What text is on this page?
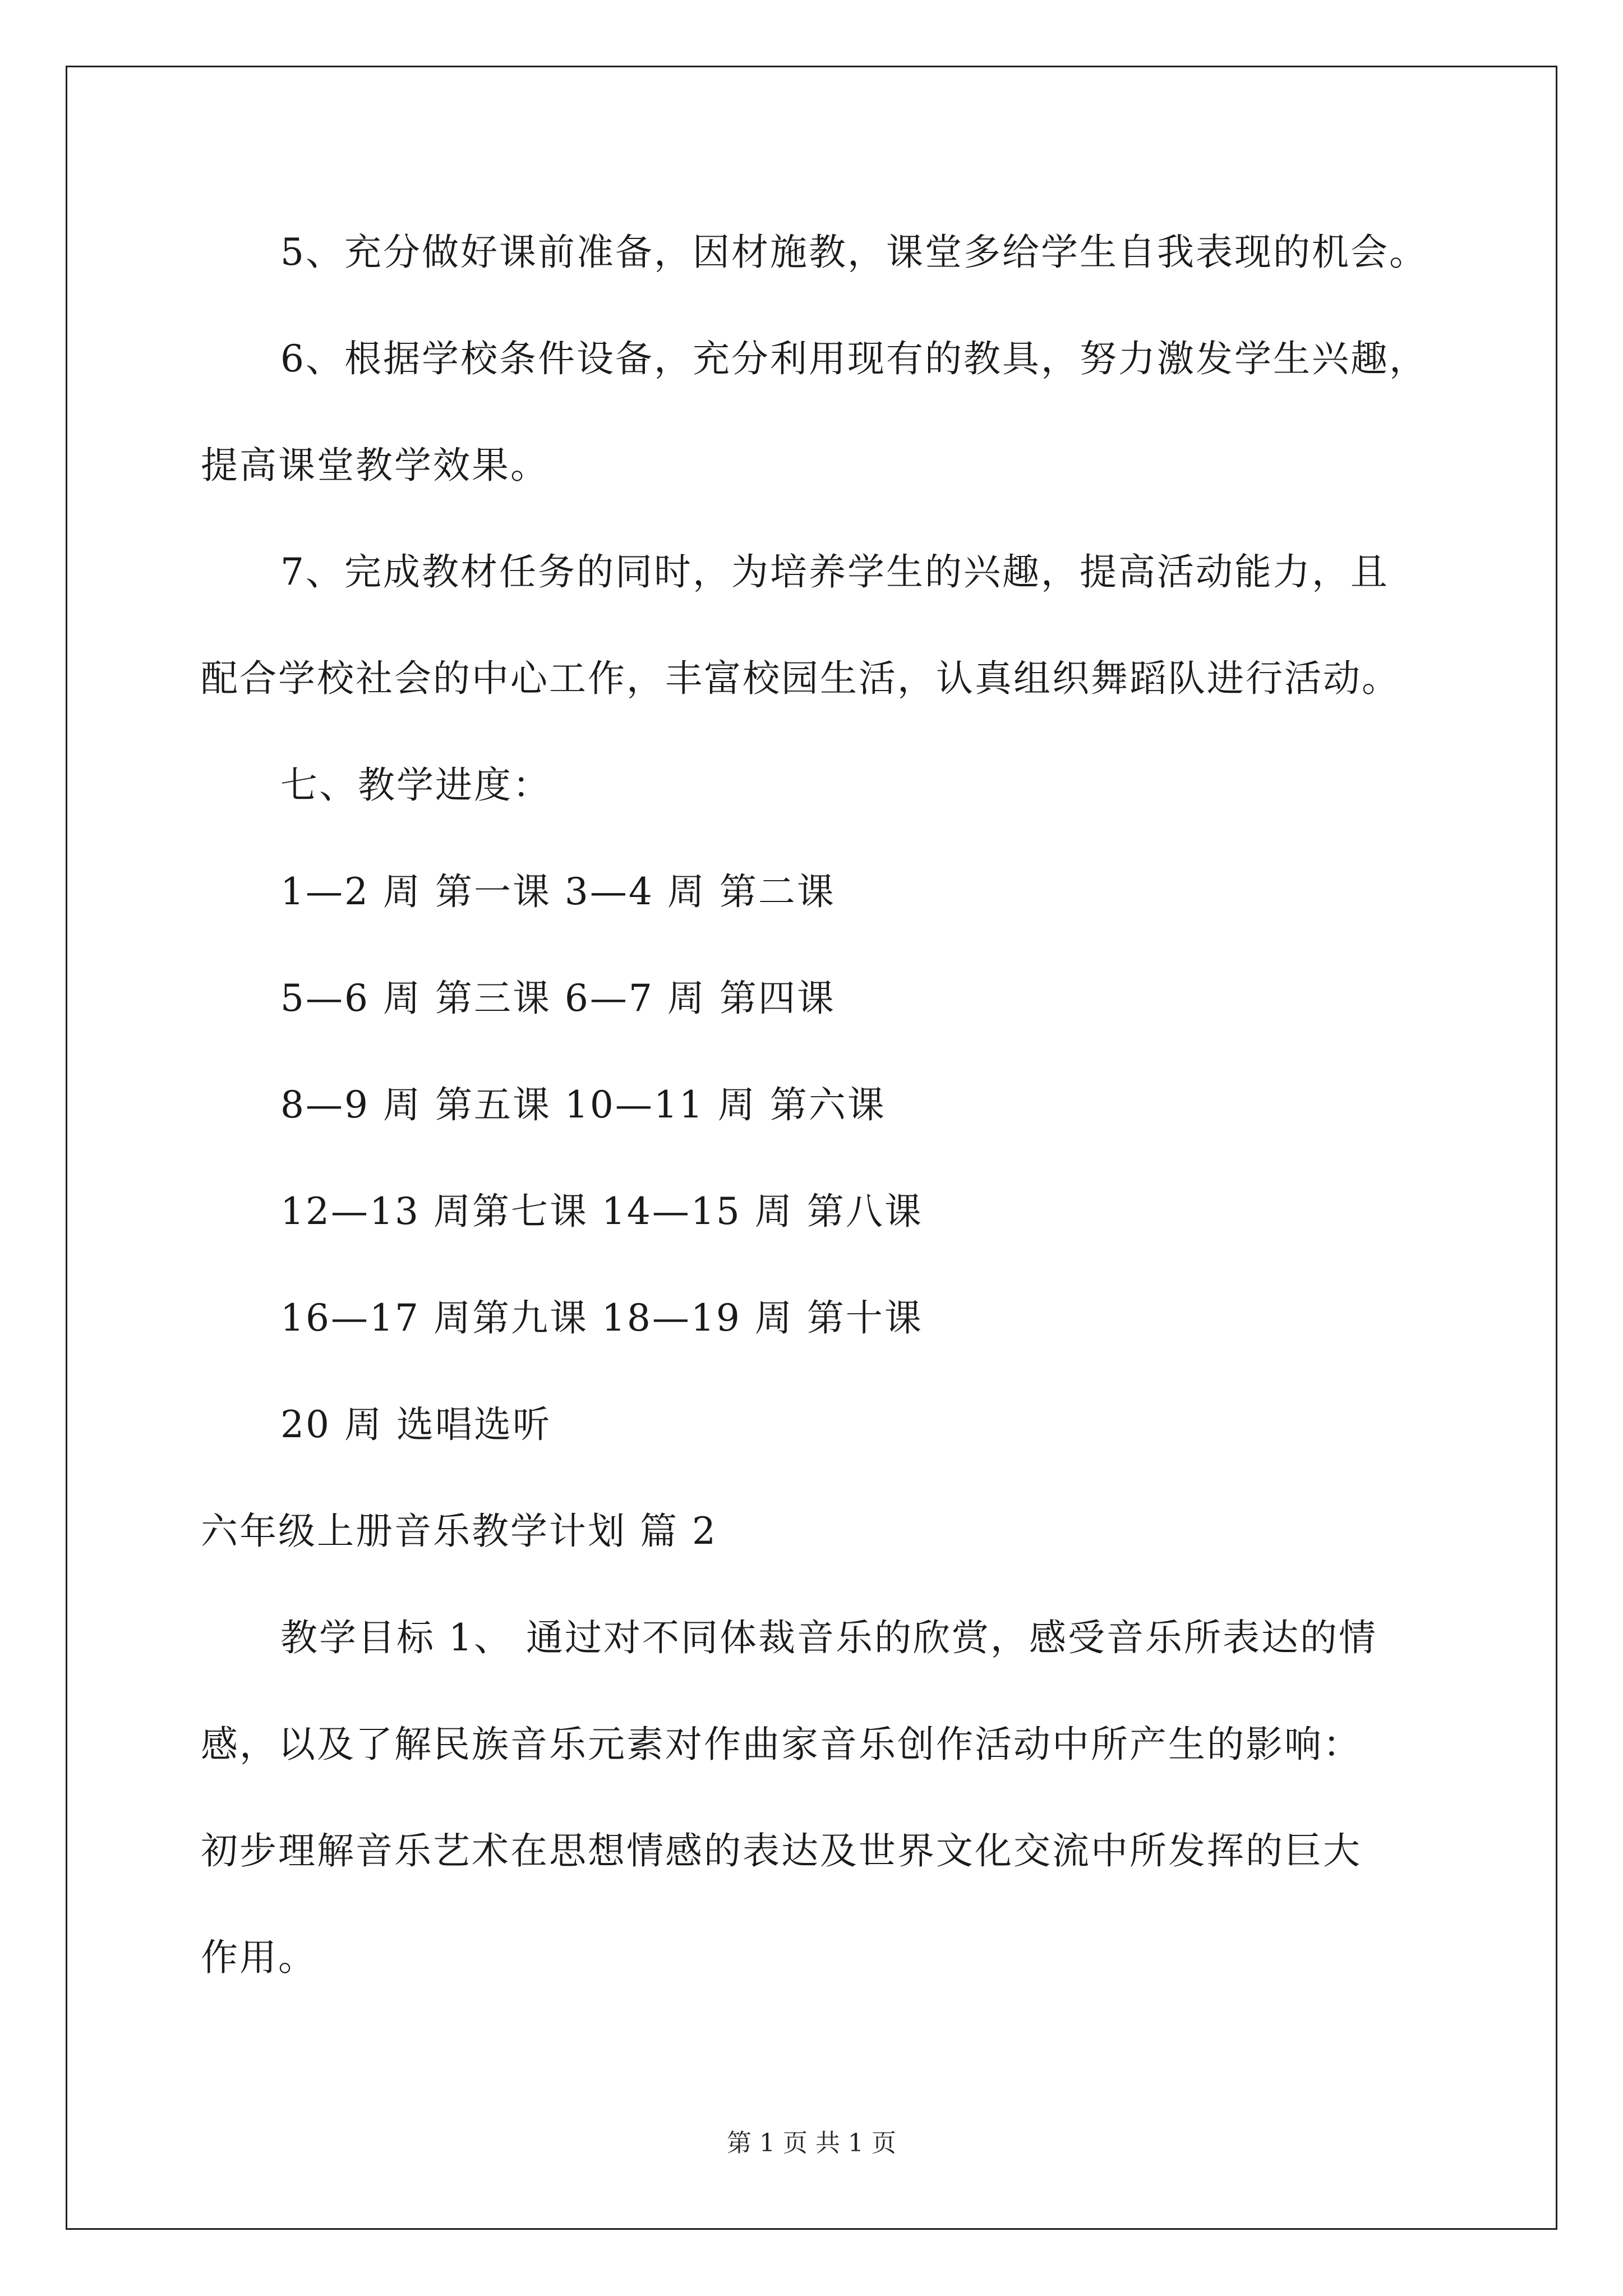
5、充分做好课前准备，因材施教，课堂多给学生自我表现的机会。
6、根据学校条件设备，充分利用现有的教具，努力激发学生兴趣，
提高课堂教学效果。
7、完成教材任务的同时，为培养学生的兴趣，提高活动能力，且
配合学校社会的中心工作，丰富校园生活，认真组织舞蹈队进行活动。
七、教学进度：
1—2 周 第一课 3—4 周 第二课
5—6 周 第三课 6—7 周 第四课
8—9 周 第五课 10—11 周 第六课
12—13 周第七课 14—15 周 第八课
16—17 周第九课 18—19 周 第十课
20 周 选唱选听
六年级上册音乐教学计划 篇 2
教学目标 1、 通过对不同体裁音乐的欣赏，感受音乐所表达的情
感，以及了解民族音乐元素对作曲家音乐创作活动中所产生的影响：
初步理解音乐艺术在思想情感的表达及世界文化交流中所发挥的巨大
作用。
第 1 页 共 1 页
